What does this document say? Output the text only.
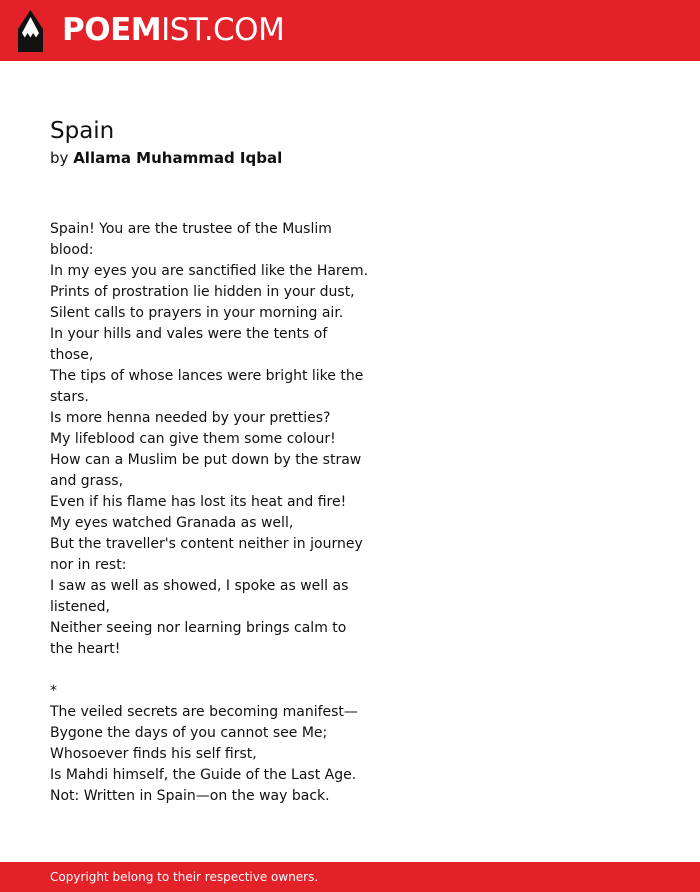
POEMIST.COM
Spain
by Allama Muhammad Iqbal

Spain! You are the trustee of the Muslim blood:

In my eyes you are sanctified like the Harem.

Prints of prostration lie hidden in your dust,

Silent calls to prayers in your morning air.

In your hills and vales were the tents of those,

The tips of whose lances were bright like the stars.

Is more henna needed by your pretties?

My lifeblood can give them some colour!

How can a Muslim be put down by the straw and grass,

Even if his flame has lost its heat and fire!

My eyes watched Granada as well,

But the traveller's content neither in journey nor in rest:

I saw as well as showed, I spoke as well as listened,

Neither seeing nor learning brings calm to the heart!

*

The veiled secrets are becoming manifest—

Bygone the days of you cannot see Me;

Whosoever finds his self first,

Is Mahdi himself, the Guide of the Last Age.

Not: Written in Spain—on the way back.

Copyright belong to their respective owners.
